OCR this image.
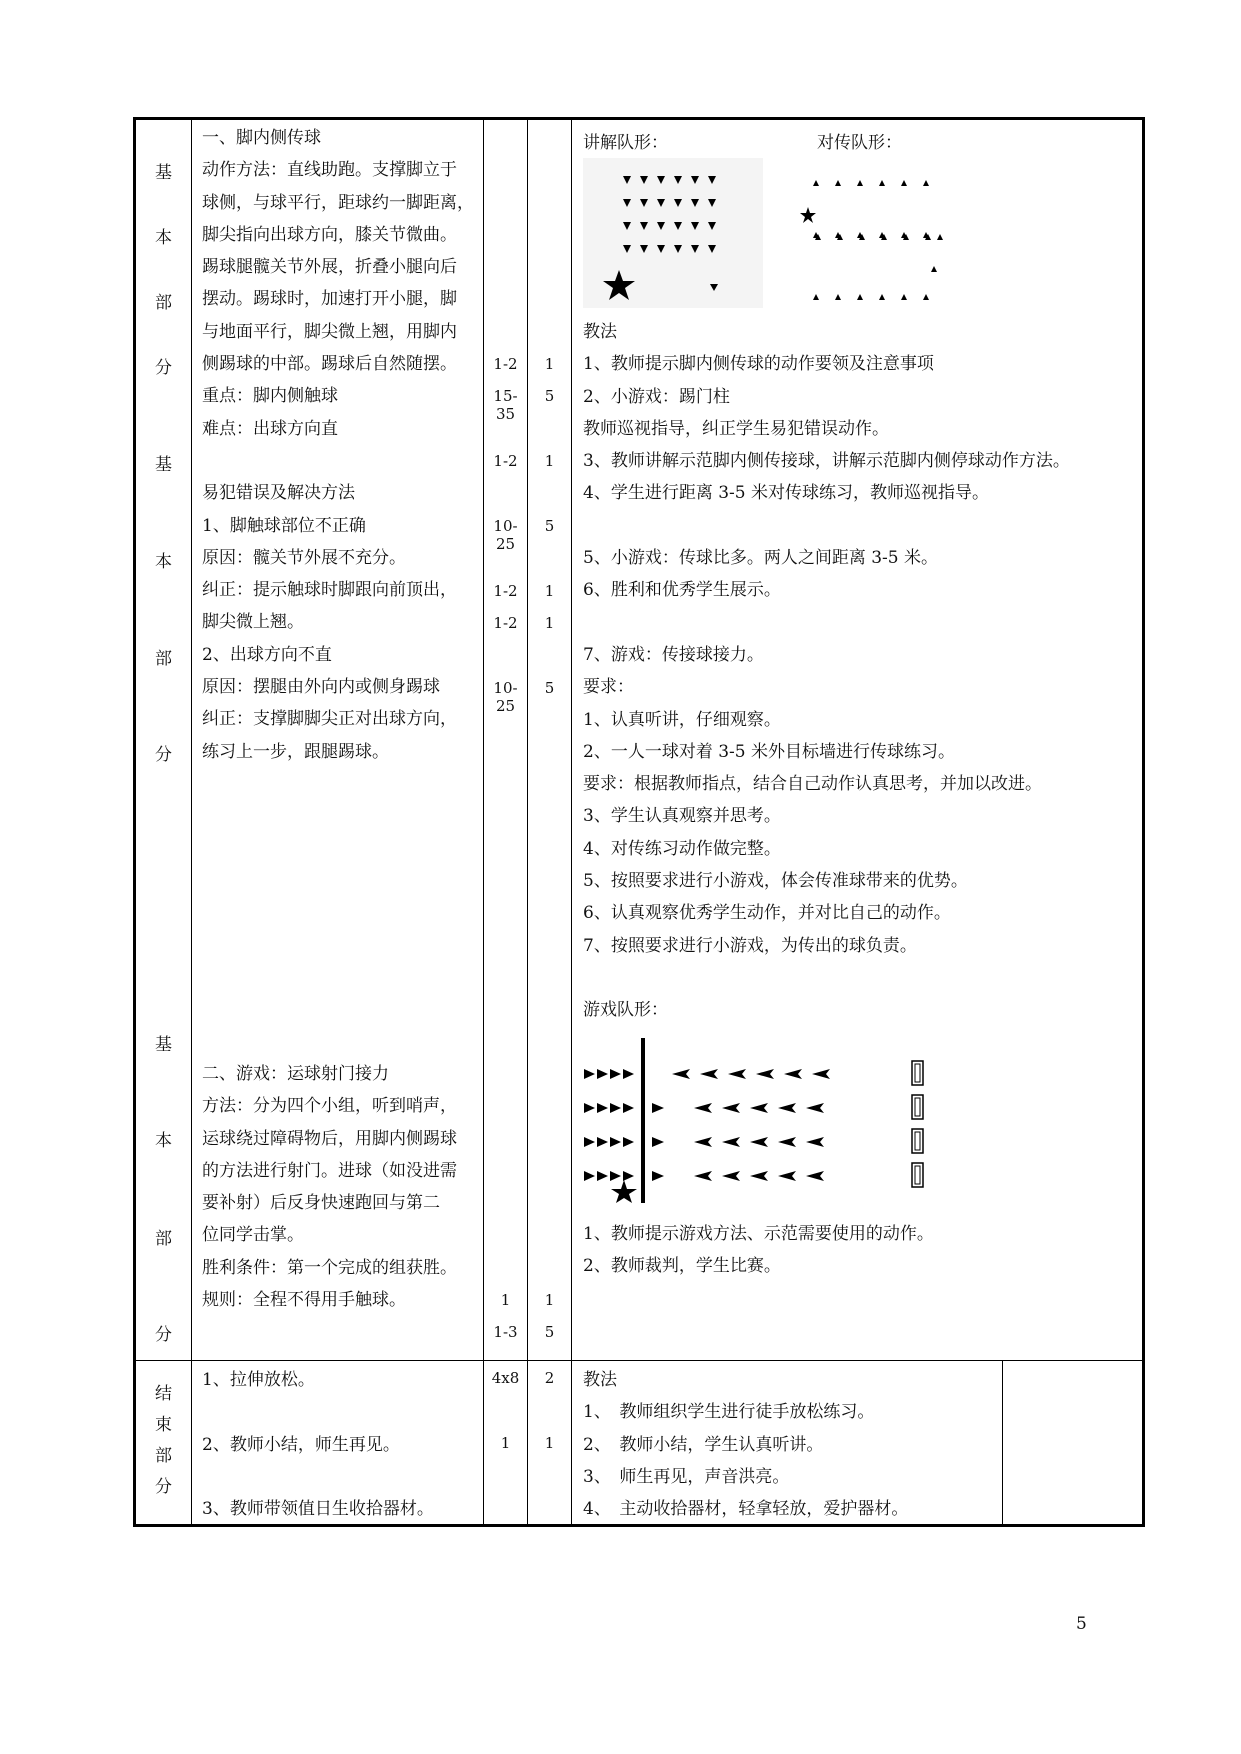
基
本
部
分
基
本
部
分
基
本
部
分
结
束
部
分
一、脚内侧传球
动作方法：直线助跑。支撑脚立于
球侧，与球平行，距球约一脚距离，
脚尖指向出球方向，膝关节微曲。
踢球腿髋关节外展，折叠小腿向后
摆动。踢球时，加速打开小腿，脚
与地面平行，脚尖微上翘，用脚内
侧踢球的中部。踢球后自然随摆。
重点：脚内侧触球
难点：出球方向直
易犯错误及解决方法
1、脚触球部位不正确
原因：髋关节外展不充分。
纠正：提示触球时脚跟向前顶出，
脚尖微上翘。
2、出球方向不直
原因：摆腿由外向内或侧身踢球
纠正：支撑脚脚尖正对出球方向，
练习上一步，跟腿踢球。
二、游戏：运球射门接力
方法：分为四个小组，听到哨声，
运球绕过障碍物后，用脚内侧踢球
的方法进行射门。进球（如没进需
要补射）后反身快速跑回与第二
位同学击掌。
胜利条件：第一个完成的组获胜。
规则：全程不得用手触球。
1、拉伸放松。
2、教师小结，师生再见。
3、教师带领值日生收拾器材。
1-2
15-35
1-2
10-25
1-2
1-2
10-25
1
1-3
4x8
1
1
5
1
5
1
1
5
1
5
2
1
讲解队形：	对传队形：
教法
1、教师提示脚内侧传球的动作要领及注意事项
2、小游戏：踢门柱
教师巡视指导，纠正学生易犯错误动作。
3、教师讲解示范脚内侧传接球，讲解示范脚内侧停球动作方法。
4、学生进行距离 3-5 米对传球练习，教师巡视指导。
5、小游戏：传球比多。两人之间距离 3-5 米。
6、胜利和优秀学生展示。
7、游戏：传接球接力。
要求：
1、认真听讲，仔细观察。
2、一人一球对着 3-5 米外目标墙进行传球练习。
要求：根据教师指点，结合自己动作认真思考，并加以改进。
3、学生认真观察并思考。
4、对传练习动作做完整。
5、按照要求进行小游戏，体会传准球带来的优势。
6、认真观察优秀学生动作，并对比自己的动作。
7、按照要求进行小游戏，为传出的球负责。
游戏队形：
1、教师提示游戏方法、示范需要使用的动作。
2、教师裁判，学生比赛。
教法
1、　教师组织学生进行徒手放松练习。
2、　教师小结，学生认真听讲。
3、　师生再见，声音洪亮。
4、　主动收拾器材，轻拿轻放，爱护器材。
5
